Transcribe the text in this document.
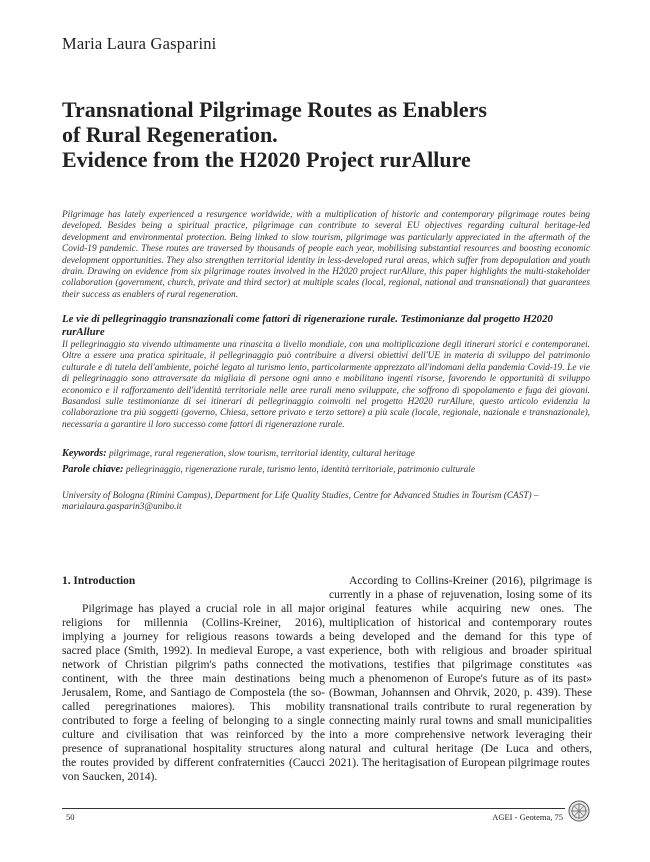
Maria Laura Gasparini
Transnational Pilgrimage Routes as Enablers
of Rural Regeneration.
Evidence from the H2020 Project rurAllure
Pilgrimage has lately experienced a resurgence worldwide, with a multiplication of historic and contemporary pilgrimage routes being developed. Besides being a spiritual practice, pilgrimage can contribute to several EU objectives regarding cultural heritage-led development and environmental protection. Being linked to slow tourism, pilgrimage was particularly appreciated in the aftermath of the Covid-19 pandemic. These routes are traversed by thousands of people each year, mobilising substantial resources and boosting economic development opportunities. They also strengthen territorial identity in less-developed rural areas, which suffer from depopulation and youth drain. Drawing on evidence from six pilgrimage routes involved in the H2020 project rurAllure, this paper highlights the multi-stakeholder collaboration (government, church, private and third sector) at multiple scales (local, regional, national and transnational) that guarantees their success as enablers of rural regeneration.
Le vie di pellegrinaggio transnazionali come fattori di rigenerazione rurale. Testimonianze dal progetto H2020 rurAllure
Il pellegrinaggio sta vivendo ultimamente una rinascita a livello mondiale, con una moltiplicazione degli itinerari storici e contemporanei. Oltre a essere una pratica spirituale, il pellegrinaggio può contribuire a diversi obiettivi dell'UE in materia di sviluppo del patrimonio culturale e di tutela dell'ambiente, poiché legato al turismo lento, particolarmente apprezzato all'indomani della pandemia Covid-19. Le vie di pellegrinaggio sono attraversate da migliaia di persone ogni anno e mobilitano ingenti risorse, favorendo le opportunità di sviluppo economico e il rafforzamento dell'identità territoriale nelle aree rurali meno sviluppate, che soffrono di spopolamento e fuga dei giovani. Basandosi sulle testimonianze di sei itinerari di pellegrinaggio coinvolti nel progetto H2020 rurAllure, questo articolo evidenzia la collaborazione tra più soggetti (governo, Chiesa, settore privato e terzo settore) a più scale (locale, regionale, nazionale e transnazionale), necessaria a garantire il loro successo come fattori di rigenerazione rurale.
Keywords: pilgrimage, rural regeneration, slow tourism, territorial identity, cultural heritage
Parole chiave: pellegrinaggio, rigenerazione rurale, turismo lento, identità territoriale, patrimonio culturale
University of Bologna (Rimini Campus), Department for Life Quality Studies, Centre for Advanced Studies in Tourism (CAST) – marialaura.gasparin3@unibo.it
1. Introduction

Pilgrimage has played a crucial role in all major religions for millennia (Collins-Kreiner, 2016), implying a journey for religious reasons towards a sacred place (Smith, 1992). In medieval Europe, a vast network of Christian pilgrim's paths connected the continent, with the three main destinations being Jerusalem, Rome, and Santiago de Compostela (the so-called peregrinationes maiores). This mobility contributed to forge a feeling of belonging to a single culture and civilisation that was reinforced by the presence of supranational hospitality structures along the routes provided by different confraternities (Caucci von Saucken, 2014).

According to Collins-Kreiner (2016), pilgrimage is currently in a phase of rejuvenation, losing some of its original features while acquiring new ones. The multiplication of historical and contemporary routes being developed and the demand for this type of experience, both with religious and broader spiritual motivations, testifies that pilgrimage constitutes «as much a phenomenon of Europe's future as of its past» (Bowman, Johannsen and Ohrvik, 2020, p. 439). These transnational trails contribute to rural regeneration by connecting mainly rural towns and small municipalities into a more comprehensive network leveraging their natural and cultural heritage (De Luca and others, 2021). The heritagisation of European pilgrimage routes

50	AGEI - Geotema, 75
